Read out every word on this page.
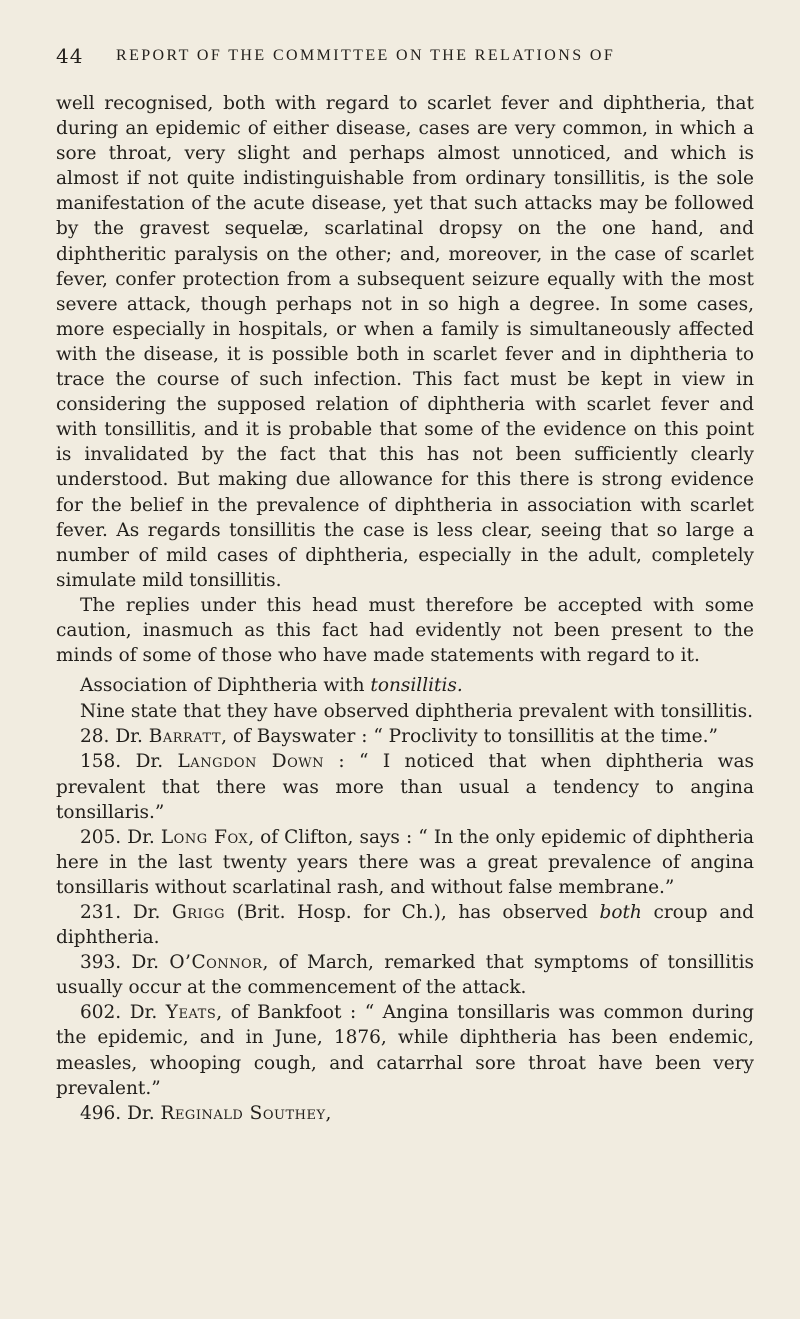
44 REPORT OF THE COMMITTEE ON THE RELATIONS OF

well recognised, both with regard to scarlet fever and diphtheria, that during an epidemic of either disease, cases are very common, in which a sore throat, very slight and perhaps almost unnoticed, and which is almost if not quite indistinguishable from ordinary tonsillitis, is the sole manifestation of the acute disease, yet that such attacks may be followed by the gravest sequelæ, scarlatinal dropsy on the one hand, and diphtheritic paralysis on the other; and, moreover, in the case of scarlet fever, confer protection from a subsequent seizure equally with the most severe attack, though perhaps not in so high a degree. In some cases, more especially in hospitals, or when a family is simultaneously affected with the disease, it is possible both in scarlet fever and in diphtheria to trace the course of such infection. This fact must be kept in view in considering the supposed relation of diphtheria with scarlet fever and with tonsillitis, and it is probable that some of the evidence on this point is invalidated by the fact that this has not been sufficiently clearly understood. But making due allowance for this there is strong evidence for the belief in the prevalence of diphtheria in association with scarlet fever. As regards tonsillitis the case is less clear, seeing that so large a number of mild cases of diphtheria, especially in the adult, completely simulate mild tonsillitis.

The replies under this head must therefore be accepted with some caution, inasmuch as this fact had evidently not been present to the minds of some of those who have made statements with regard to it.

Association of Diphtheria with tonsillitis.

Nine state that they have observed diphtheria prevalent with tonsillitis.

28. Dr. Barratt, of Bayswater : “ Proclivity to tonsillitis at the time.”

158. Dr. Langdon Down : “ I noticed that when diphtheria was prevalent that there was more than usual a tendency to angina tonsillaris.”

205. Dr. Long Fox, of Clifton, says : “ In the only epidemic of diphtheria here in the last twenty years there was a great prevalence of angina tonsillaris without scarlatinal rash, and without false membrane.”

231. Dr. Grigg (Brit. Hosp. for Ch.), has observed both croup and diphtheria.

393. Dr. O’Connor, of March, remarked that symptoms of tonsillitis usually occur at the commencement of the attack.

602. Dr. Yeats, of Bankfoot : “ Angina tonsillaris was common during the epidemic, and in June, 1876, while diphtheria has been endemic, measles, whooping cough, and catarrhal sore throat have been very prevalent.”

496. Dr. Reginald Southey,
